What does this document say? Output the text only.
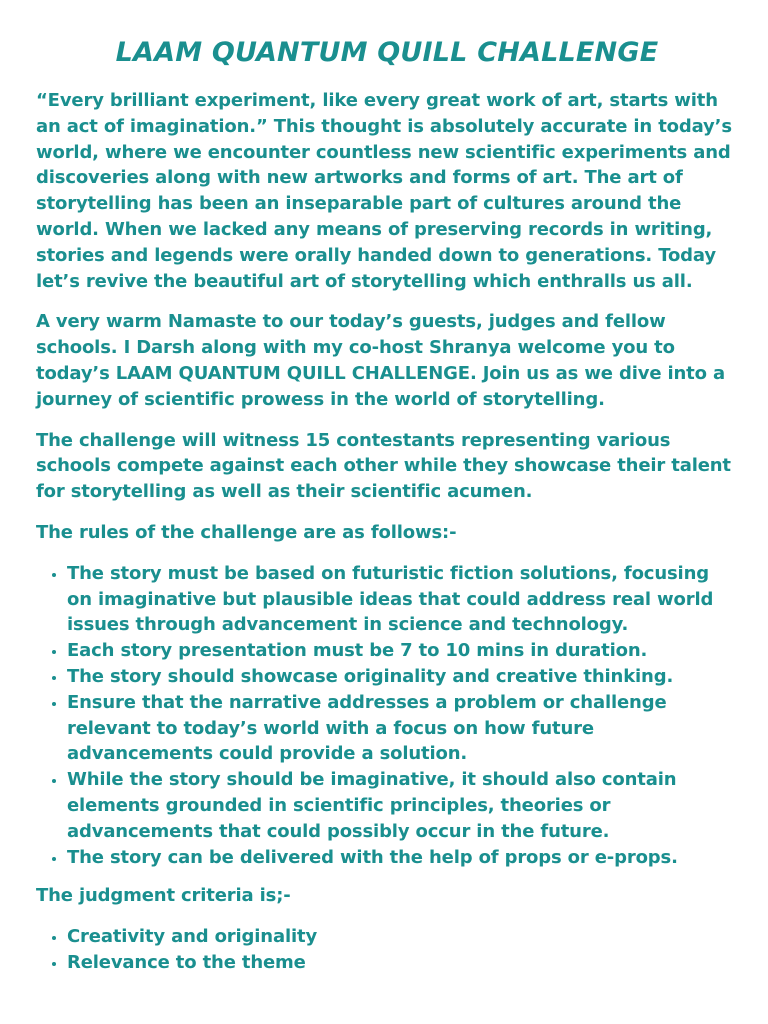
LAAM QUANTUM QUILL CHALLENGE

“Every brilliant experiment, like every great work of art, starts with an act of imagination.” This thought is absolutely accurate in today’s world, where we encounter countless new scientific experiments and discoveries along with new artworks and forms of art. The art of storytelling has been an inseparable part of cultures around the world. When we lacked any means of preserving records in writing, stories and legends were orally handed down to generations. Today let’s revive the beautiful art of storytelling which enthralls us all.

A very warm Namaste to our today’s guests, judges and fellow schools. I Darsh along with my co-host Shranya welcome you to today’s LAAM QUANTUM QUILL CHALLENGE. Join us as we dive into a journey of scientific prowess in the world of storytelling.

The challenge will witness 15 contestants representing various schools compete against each other while they showcase their talent for storytelling as well as their scientific acumen.

The rules of the challenge are as follows:-

• The story must be based on futuristic fiction solutions, focusing on imaginative but plausible ideas that could address real world issues through advancement in science and technology.
• Each story presentation must be 7 to 10 mins in duration.
• The story should showcase originality and creative thinking.
• Ensure that the narrative addresses a problem or challenge relevant to today’s world with a focus on how future advancements could provide a solution.
• While the story should be imaginative, it should also contain elements grounded in scientific principles, theories or advancements that could possibly occur in the future.
• The story can be delivered with the help of props or e-props.

The judgment criteria is;-

• Creativity and originality
• Relevance to the theme
